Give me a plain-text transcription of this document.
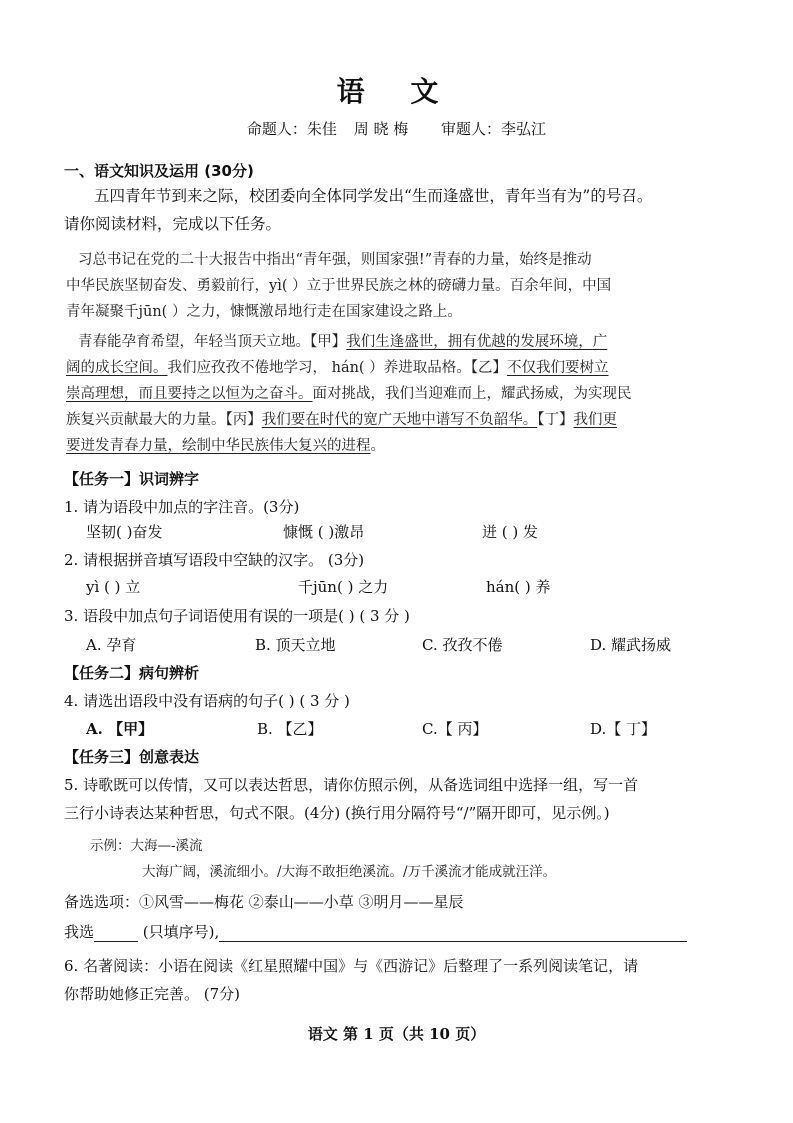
语 文
命题人：朱佳 周 晓 梅 审题人：李弘江
一、语文知识及运用 (30分)
五四青年节到来之际，校团委向全体同学发出“生而逢盛世，青年当有为”的号召。
请你阅读材料，完成以下任务。
习总书记在党的二十大报告中指出“青年强，则国家强!”青春的力量，始终是推动
中华民族坚韧奋发、勇毅前行，yì( ）立于世界民族之林的磅礴力量。百余年间，中国
青年凝聚千jūn( ）之力，慷慨激昂地行走在国家建设之路上。
青春能孕育希望，年轻当顶天立地。【甲】我们生逢盛世，拥有优越的发展环境，广
阔的成长空间。我们应孜孜不倦地学习， hán( ）养进取品格。【乙】不仅我们要树立
崇高理想，而且要持之以恒为之奋斗。面对挑战，我们当迎难而上，耀武扬威，为实现民
族复兴贡献最大的力量。【丙】我们要在时代的宽广天地中谱写不负韶华。【丁】我们更
要迸发青春力量，绘制中华民族伟大复兴的进程。
【任务一】识词辨字
1. 请为语段中加点的字注音。(3分)
坚韧( )奋发	慷慨 ( )激昂	迸 ( ) 发
2. 请根据拼音填写语段中空缺的汉字。 (3分)
yì ( ) 立	千jūn( ) 之力	hán( ) 养
3. 语段中加点句子词语使用有误的一项是( ) ( 3 分 )
A. 孕育	B. 顶天立地	C. 孜孜不倦	D. 耀武扬威
【任务二】病句辨析
4. 请选出语段中没有语病的句子( ) ( 3 分 )
A. 【甲】	B. 【乙】	C.【 丙】	D.【 丁】
【任务三】创意表达
5. 诗歌既可以传情，又可以表达哲思，请你仿照示例，从备选词组中选择一组，写一首
三行小诗表达某种哲思，句式不限。(4分) (换行用分隔符号“/”隔开即可，见示例。)
示例：大海—-溪流
大海广阔，溪流细小。/大海不敢拒绝溪流。/万千溪流才能成就汪洋。
备选选项：①风雪——梅花 ②泰山——小草 ③明月——星辰
我选	(只填序号),
6. 名著阅读：小语在阅读《红星照耀中国》与《西游记》后整理了一系列阅读笔记，请
你帮助她修正完善。 (7分)
语文 第 1 页（共 10 页）
